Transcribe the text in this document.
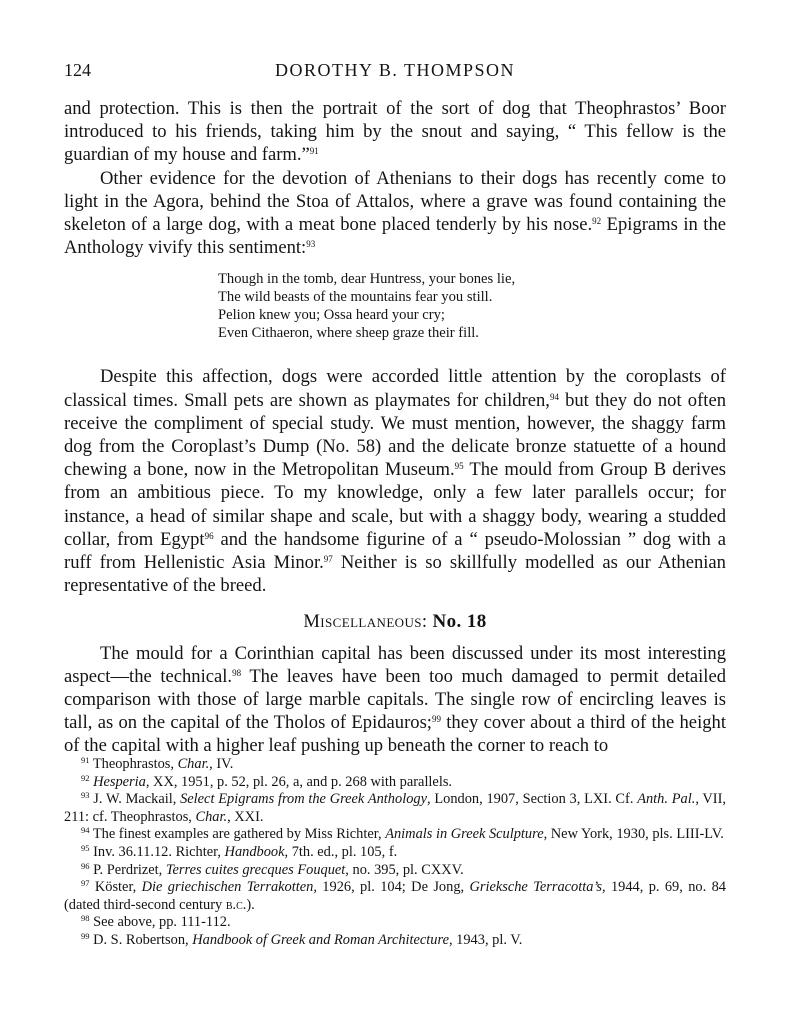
124	DOROTHY B. THOMPSON

and protection. This is then the portrait of the sort of dog that Theophrastos’ Boor introduced to his friends, taking him by the snout and saying, “ This fellow is the guardian of my house and farm.”$^{91}$

Other evidence for the devotion of Athenians to their dogs has recently come to light in the Agora, behind the Stoa of Attalos, where a grave was found containing the skeleton of a large dog, with a meat bone placed tenderly by his nose.$^{92}$ Epigrams in the Anthology vivify this sentiment:$^{93}$

Though in the tomb, dear Huntress, your bones lie,
The wild beasts of the mountains fear you still.
Pelion knew you; Ossa heard your cry;
Even Cithaeron, where sheep graze their fill.

Despite this affection, dogs were accorded little attention by the coroplasts of classical times. Small pets are shown as playmates for children,$^{94}$ but they do not often receive the compliment of special study. We must mention, however, the shaggy farm dog from the Coroplast’s Dump (No. 58) and the delicate bronze statuette of a hound chewing a bone, now in the Metropolitan Museum.$^{95}$ The mould from Group B derives from an ambitious piece. To my knowledge, only a few later parallels occur; for instance, a head of similar shape and scale, but with a shaggy body, wearing a studded collar, from Egypt$^{96}$ and the handsome figurine of a “ pseudo-Molossian ” dog with a ruff from Hellenistic Asia Minor.$^{97}$ Neither is so skillfully modelled as our Athenian representative of the breed.

Miscellaneous: No. 18

The mould for a Corinthian capital has been discussed under its most interesting aspect—the technical.$^{98}$ The leaves have been too much damaged to permit detailed comparison with those of large marble capitals. The single row of encircling leaves is tall, as on the capital of the Tholos of Epidauros;$^{99}$ they cover about a third of the height of the capital with a higher leaf pushing up beneath the corner to reach to

$^{91}$ Theophrastos, Char., IV.

$^{92}$ Hesperia, XX, 1951, p. 52, pl. 26, a, and p. 268 with parallels.

$^{93}$ J. W. Mackail, Select Epigrams from the Greek Anthology, London, 1907, Section 3, LXI. Cf. Anth. Pal., VII, 211: cf. Theophrastos, Char., XXI.

$^{94}$ The finest examples are gathered by Miss Richter, Animals in Greek Sculpture, New York, 1930, pls. LIII-LV.

$^{95}$ Inv. 36.11.12. Richter, Handbook, 7th. ed., pl. 105, f.

$^{96}$ P. Perdrizet, Terres cuites grecques Fouquet, no. 395, pl. CXXV.

$^{97}$ Köster, Die griechischen Terrakotten, 1926, pl. 104; De Jong, Grieksche Terracotta’s, 1944, p. 69, no. 84 (dated third-second century b.c.).

$^{98}$ See above, pp. 111-112.

$^{99}$ D. S. Robertson, Handbook of Greek and Roman Architecture, 1943, pl. V.
